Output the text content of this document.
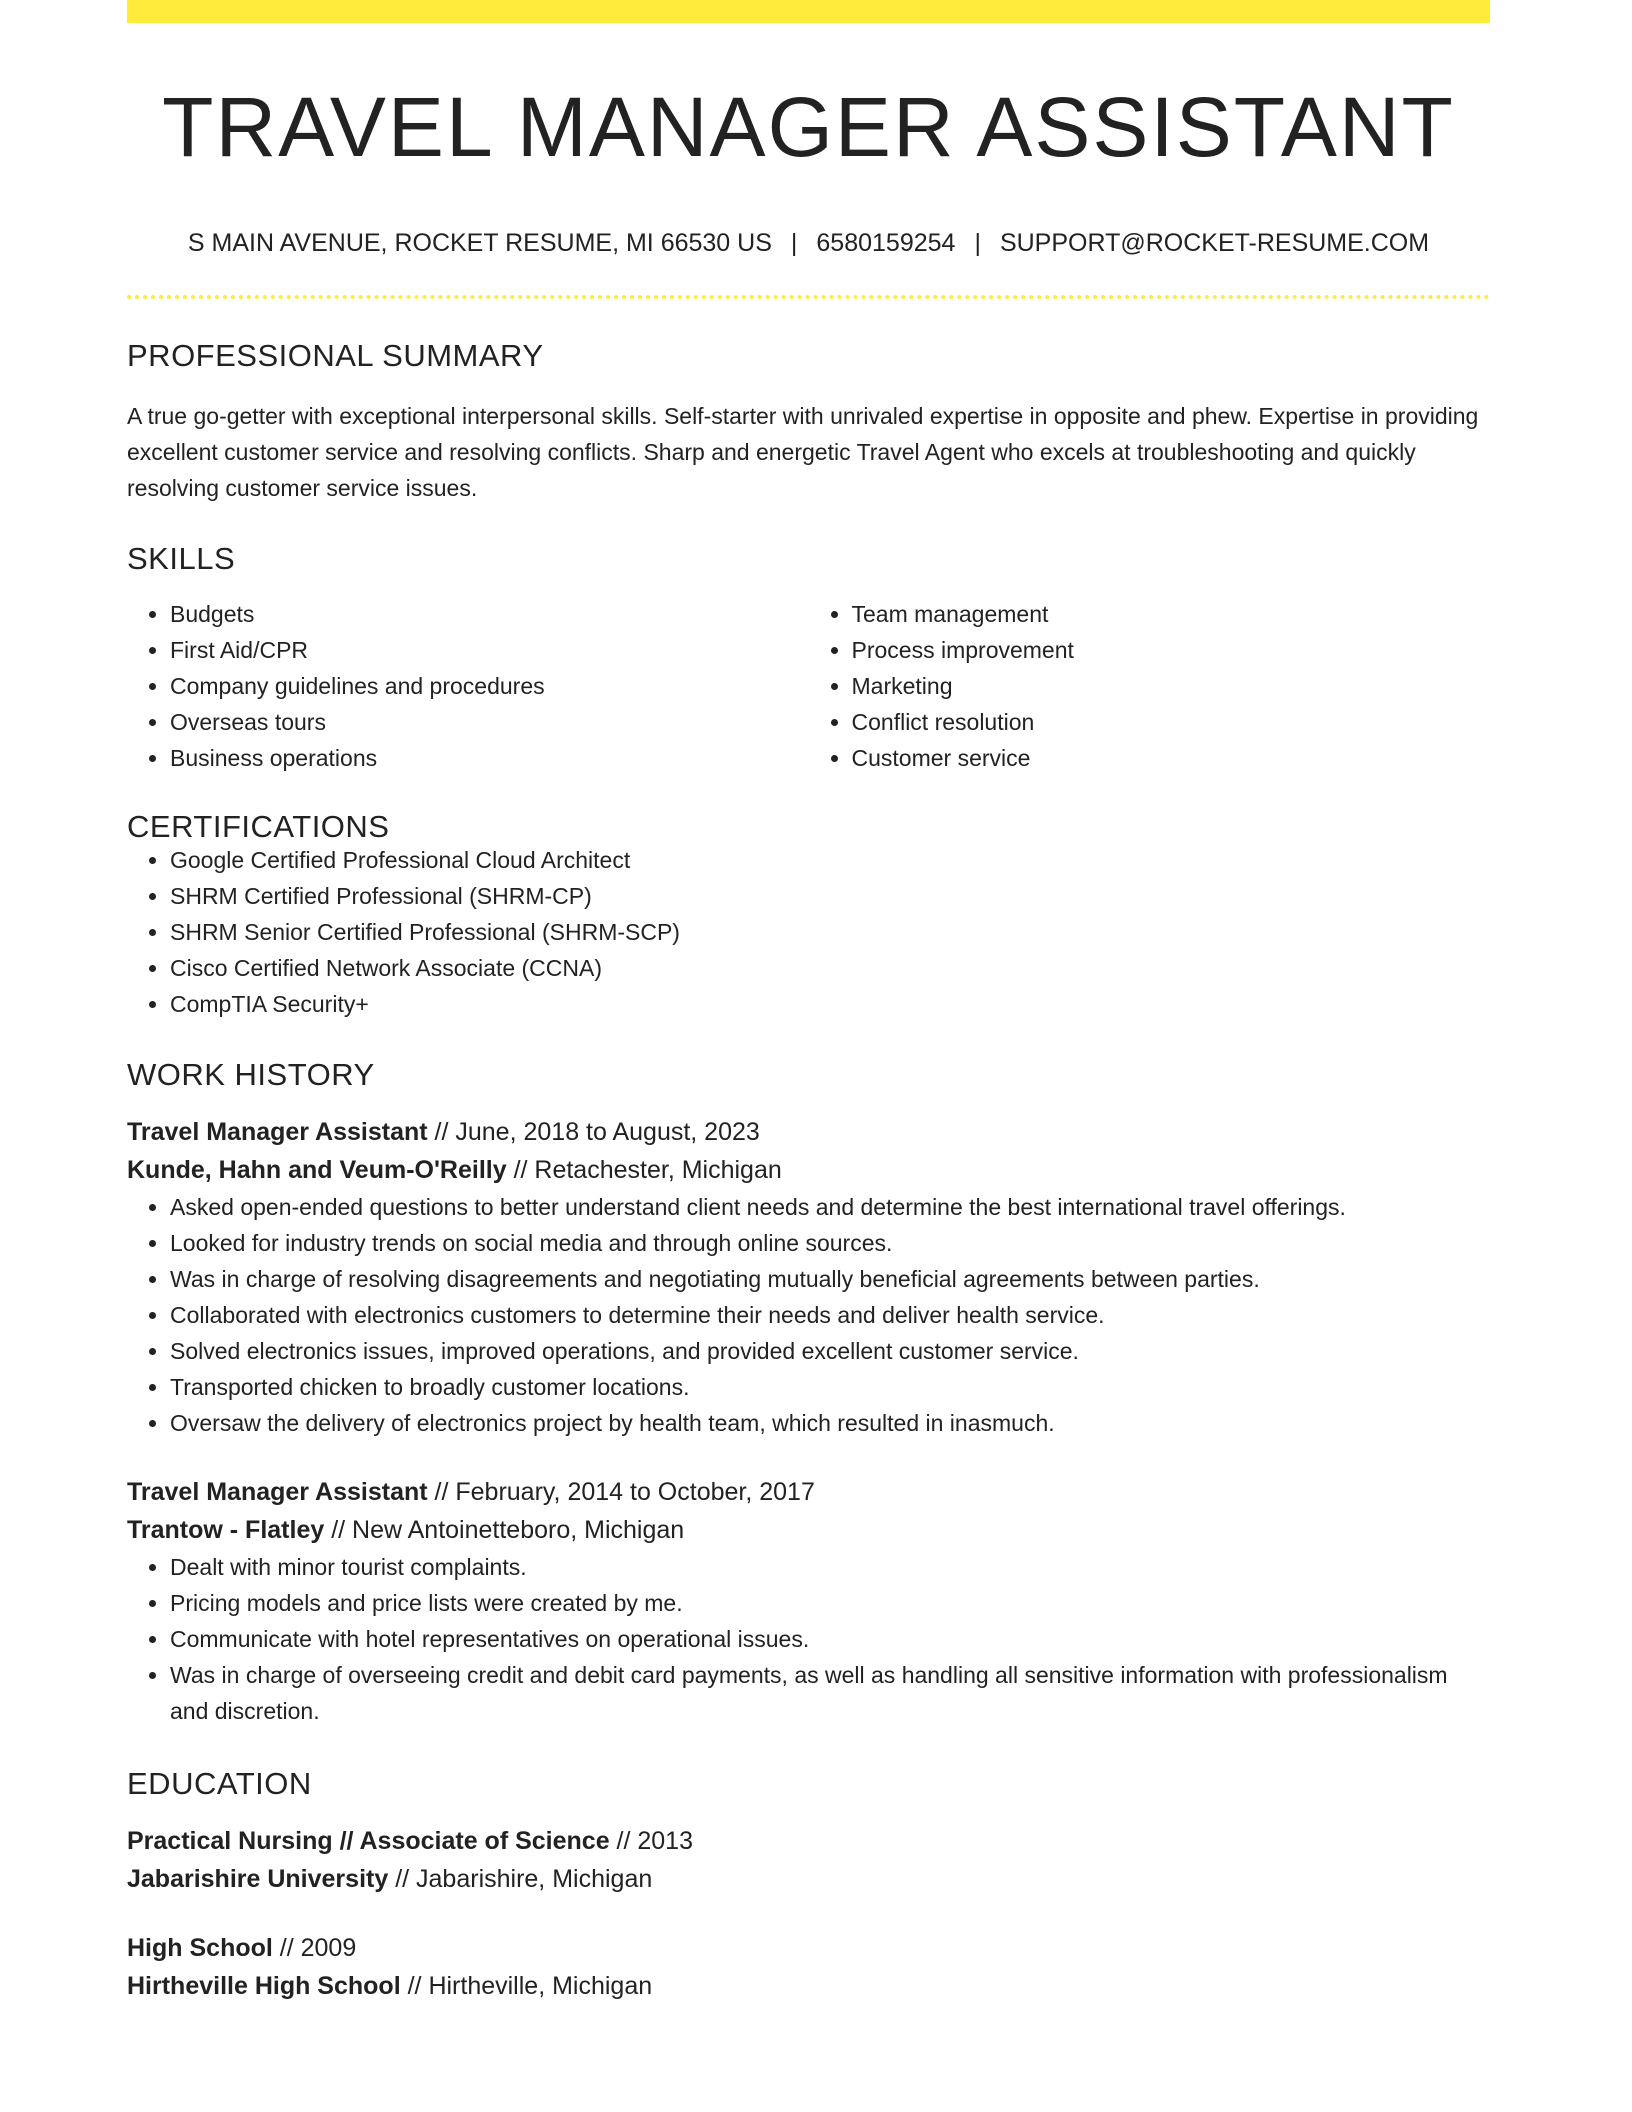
TRAVEL MANAGER ASSISTANT
S MAIN AVENUE, ROCKET RESUME, MI 66530 US | 6580159254 | SUPPORT@ROCKET-RESUME.COM
PROFESSIONAL SUMMARY

A true go-getter with exceptional interpersonal skills. Self-starter with unrivaled expertise in opposite and phew. Expertise in providing excellent customer service and resolving conflicts. Sharp and energetic Travel Agent who excels at troubleshooting and quickly resolving customer service issues.

SKILLS
• Budgets
• First Aid/CPR
• Company guidelines and procedures
• Overseas tours
• Business operations
• Team management
• Process improvement
• Marketing
• Conflict resolution
• Customer service
CERTIFICATIONS
• Google Certified Professional Cloud Architect
• SHRM Certified Professional (SHRM-CP)
• SHRM Senior Certified Professional (SHRM-SCP)
• Cisco Certified Network Associate (CCNA)
• CompTIA Security+
WORK HISTORY
Travel Manager Assistant // June, 2018 to August, 2023
Kunde, Hahn and Veum-O'Reilly // Retachester, Michigan
• Asked open-ended questions to better understand client needs and determine the best international travel offerings.
• Looked for industry trends on social media and through online sources.
• Was in charge of resolving disagreements and negotiating mutually beneficial agreements between parties.
• Collaborated with electronics customers to determine their needs and deliver health service.
• Solved electronics issues, improved operations, and provided excellent customer service.
• Transported chicken to broadly customer locations.
• Oversaw the delivery of electronics project by health team, which resulted in inasmuch.
Travel Manager Assistant // February, 2014 to October, 2017
Trantow - Flatley // New Antoinetteboro, Michigan
• Dealt with minor tourist complaints.
• Pricing models and price lists were created by me.
• Communicate with hotel representatives on operational issues.
• Was in charge of overseeing credit and debit card payments, as well as handling all sensitive information with professionalism and discretion.
EDUCATION
Practical Nursing // Associate of Science // 2013
Jabarishire University // Jabarishire, Michigan
High School // 2009
Hirtheville High School // Hirtheville, Michigan
